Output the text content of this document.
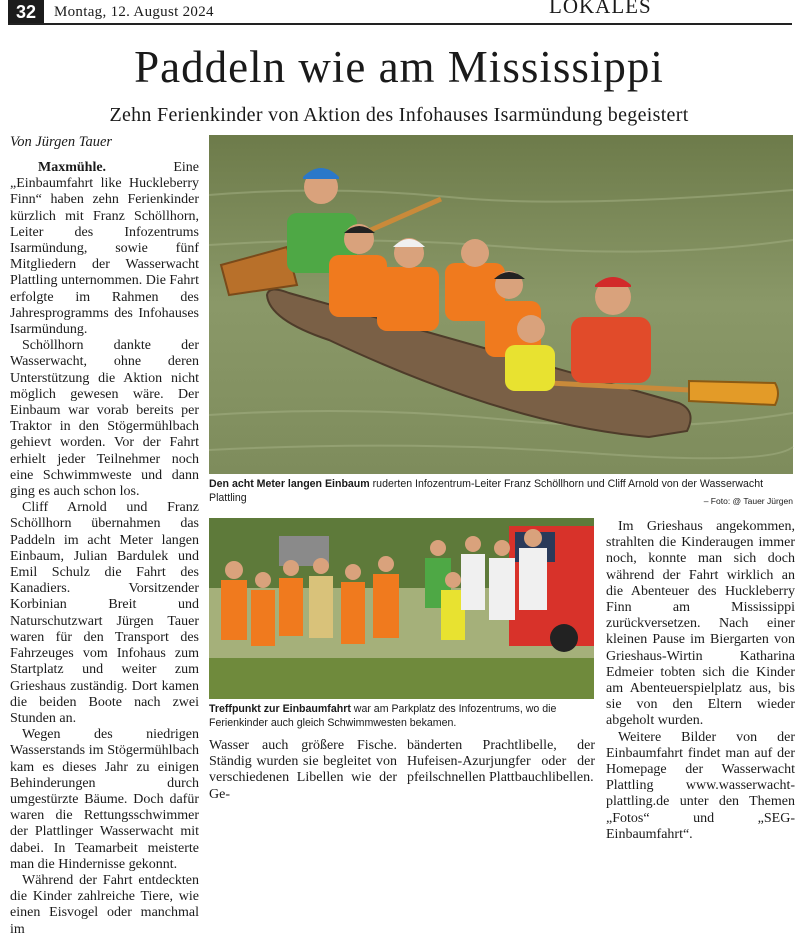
32	Montag, 12. August 2024	LOKALES
Paddeln wie am Mississippi
Zehn Ferienkinder von Aktion des Infohauses Isarmündung begeistert
Von Jürgen Tauer

Maxmühle.	Eine „Einbaumfahrt like Huckleberry Finn“ haben zehn Ferienkinder kürzlich mit Franz Schöllhorn, Leiter des Infozentrums Isarmündung, sowie fünf Mitgliedern der Wasserwacht Plattling unternommen. Die Fahrt erfolgte im Rahmen des Jahresprogramms des Infohauses Isarmündung.

Schöllhorn dankte der Wasserwacht, ohne deren Unterstützung die Aktion nicht möglich gewesen wäre. Der Einbaum war vorab bereits per Traktor in den Stögermühlbach gehievt worden. Vor der Fahrt erhielt jeder Teilnehmer noch eine Schwimmweste und dann ging es auch schon los.

Cliff Arnold und Franz Schöllhorn übernahmen das Paddeln im acht Meter langen Einbaum, Julian Bardulek und Emil Schulz die Fahrt des Kanadiers. Vorsitzender Korbinian Breit und Naturschutzwart Jürgen Tauer waren für den Transport des Fahrzeuges vom Infohaus zum Startplatz und weiter zum Grieshaus zuständig. Dort kamen die beiden Boote nach zwei Stunden an.

Wegen des niedrigen Wasserstands im Stögermühlbach kam es dieses Jahr zu einigen Behinderungen durch umgestürzte Bäume. Doch dafür waren die Rettungsschwimmer der Plattlinger Wasserwacht mit dabei. In Teamarbeit meisterte man die Hindernisse gekonnt.

Während der Fahrt entdeckten die Kinder zahlreiche Tiere, wie einen Eisvogel oder manchmal im

Den acht Meter langen Einbaum ruderten Infozentrum-Leiter Franz Schöllhorn und Cliff Arnold von der Wasserwacht Plattling	– Foto: @ Tauer Jürgen
Treffpunkt zur Einbaumfahrt war am Parkplatz des Infozentrums, wo die Ferienkinder auch gleich Schwimmwesten bekamen.

Wasser auch größere Fische. Ständig wurden sie begleitet von verschiedenen Libellen wie der Ge-

bänderten Prachtlibelle, der Hufeisen-Azurjungfer oder der pfeilschnellen Plattbauchlibellen.

Im Grieshaus angekommen, strahlten die Kinderaugen immer noch, konnte man sich doch während der Fahrt wirklich an die Abenteuer des Huckleberry Finn am Mississippi zurückversetzen. Nach einer kleinen Pause im Biergarten von Grieshaus-Wirtin Katharina Edmeier tobten sich die Kinder am Abenteuerspielplatz aus, bis sie von den Eltern wieder abgeholt wurden.

Weitere Bilder von der Einbaumfahrt findet man auf der Homepage der Wasserwacht Plattling www.wasserwacht-plattling.de unter den Themen „Fotos“ und „SEG-Einbaumfahrt“.
